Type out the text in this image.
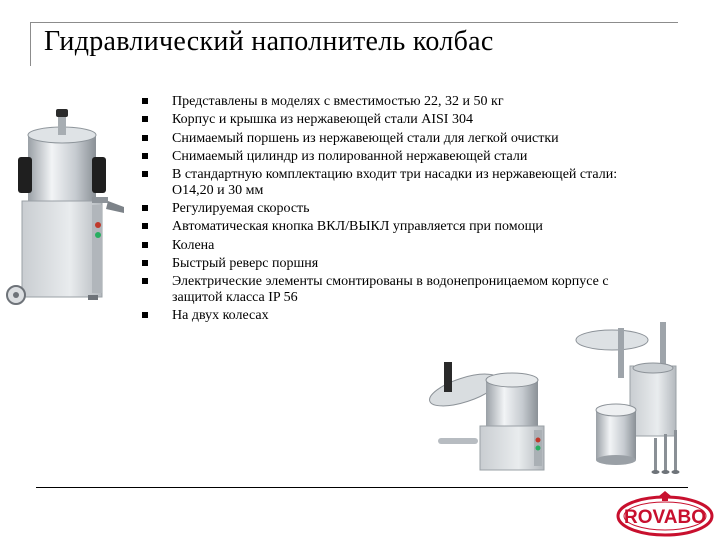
Гидравлический наполнитель колбас
Представлены в моделях с вместимостью 22, 32 и 50 кг
Корпус и крышка из нержавеющей стали AISI 304
Снимаемый поршень из нержавеющей стали для легкой очистки
Снимаемый цилиндр из полированной нержавеющей стали
В стандартную комплектацию входит три насадки из нержавеющей стали: О14,20 и 30 мм
Регулируемая скорость
Автоматическая кнопка ВКЛ/ВЫКЛ управляется при помощи
Колена
Быстрый реверс поршня
Электрические элементы смонтированы в водонепроницаемом корпусе с защитой класса IP 56
На двух колесах
ROVABO
